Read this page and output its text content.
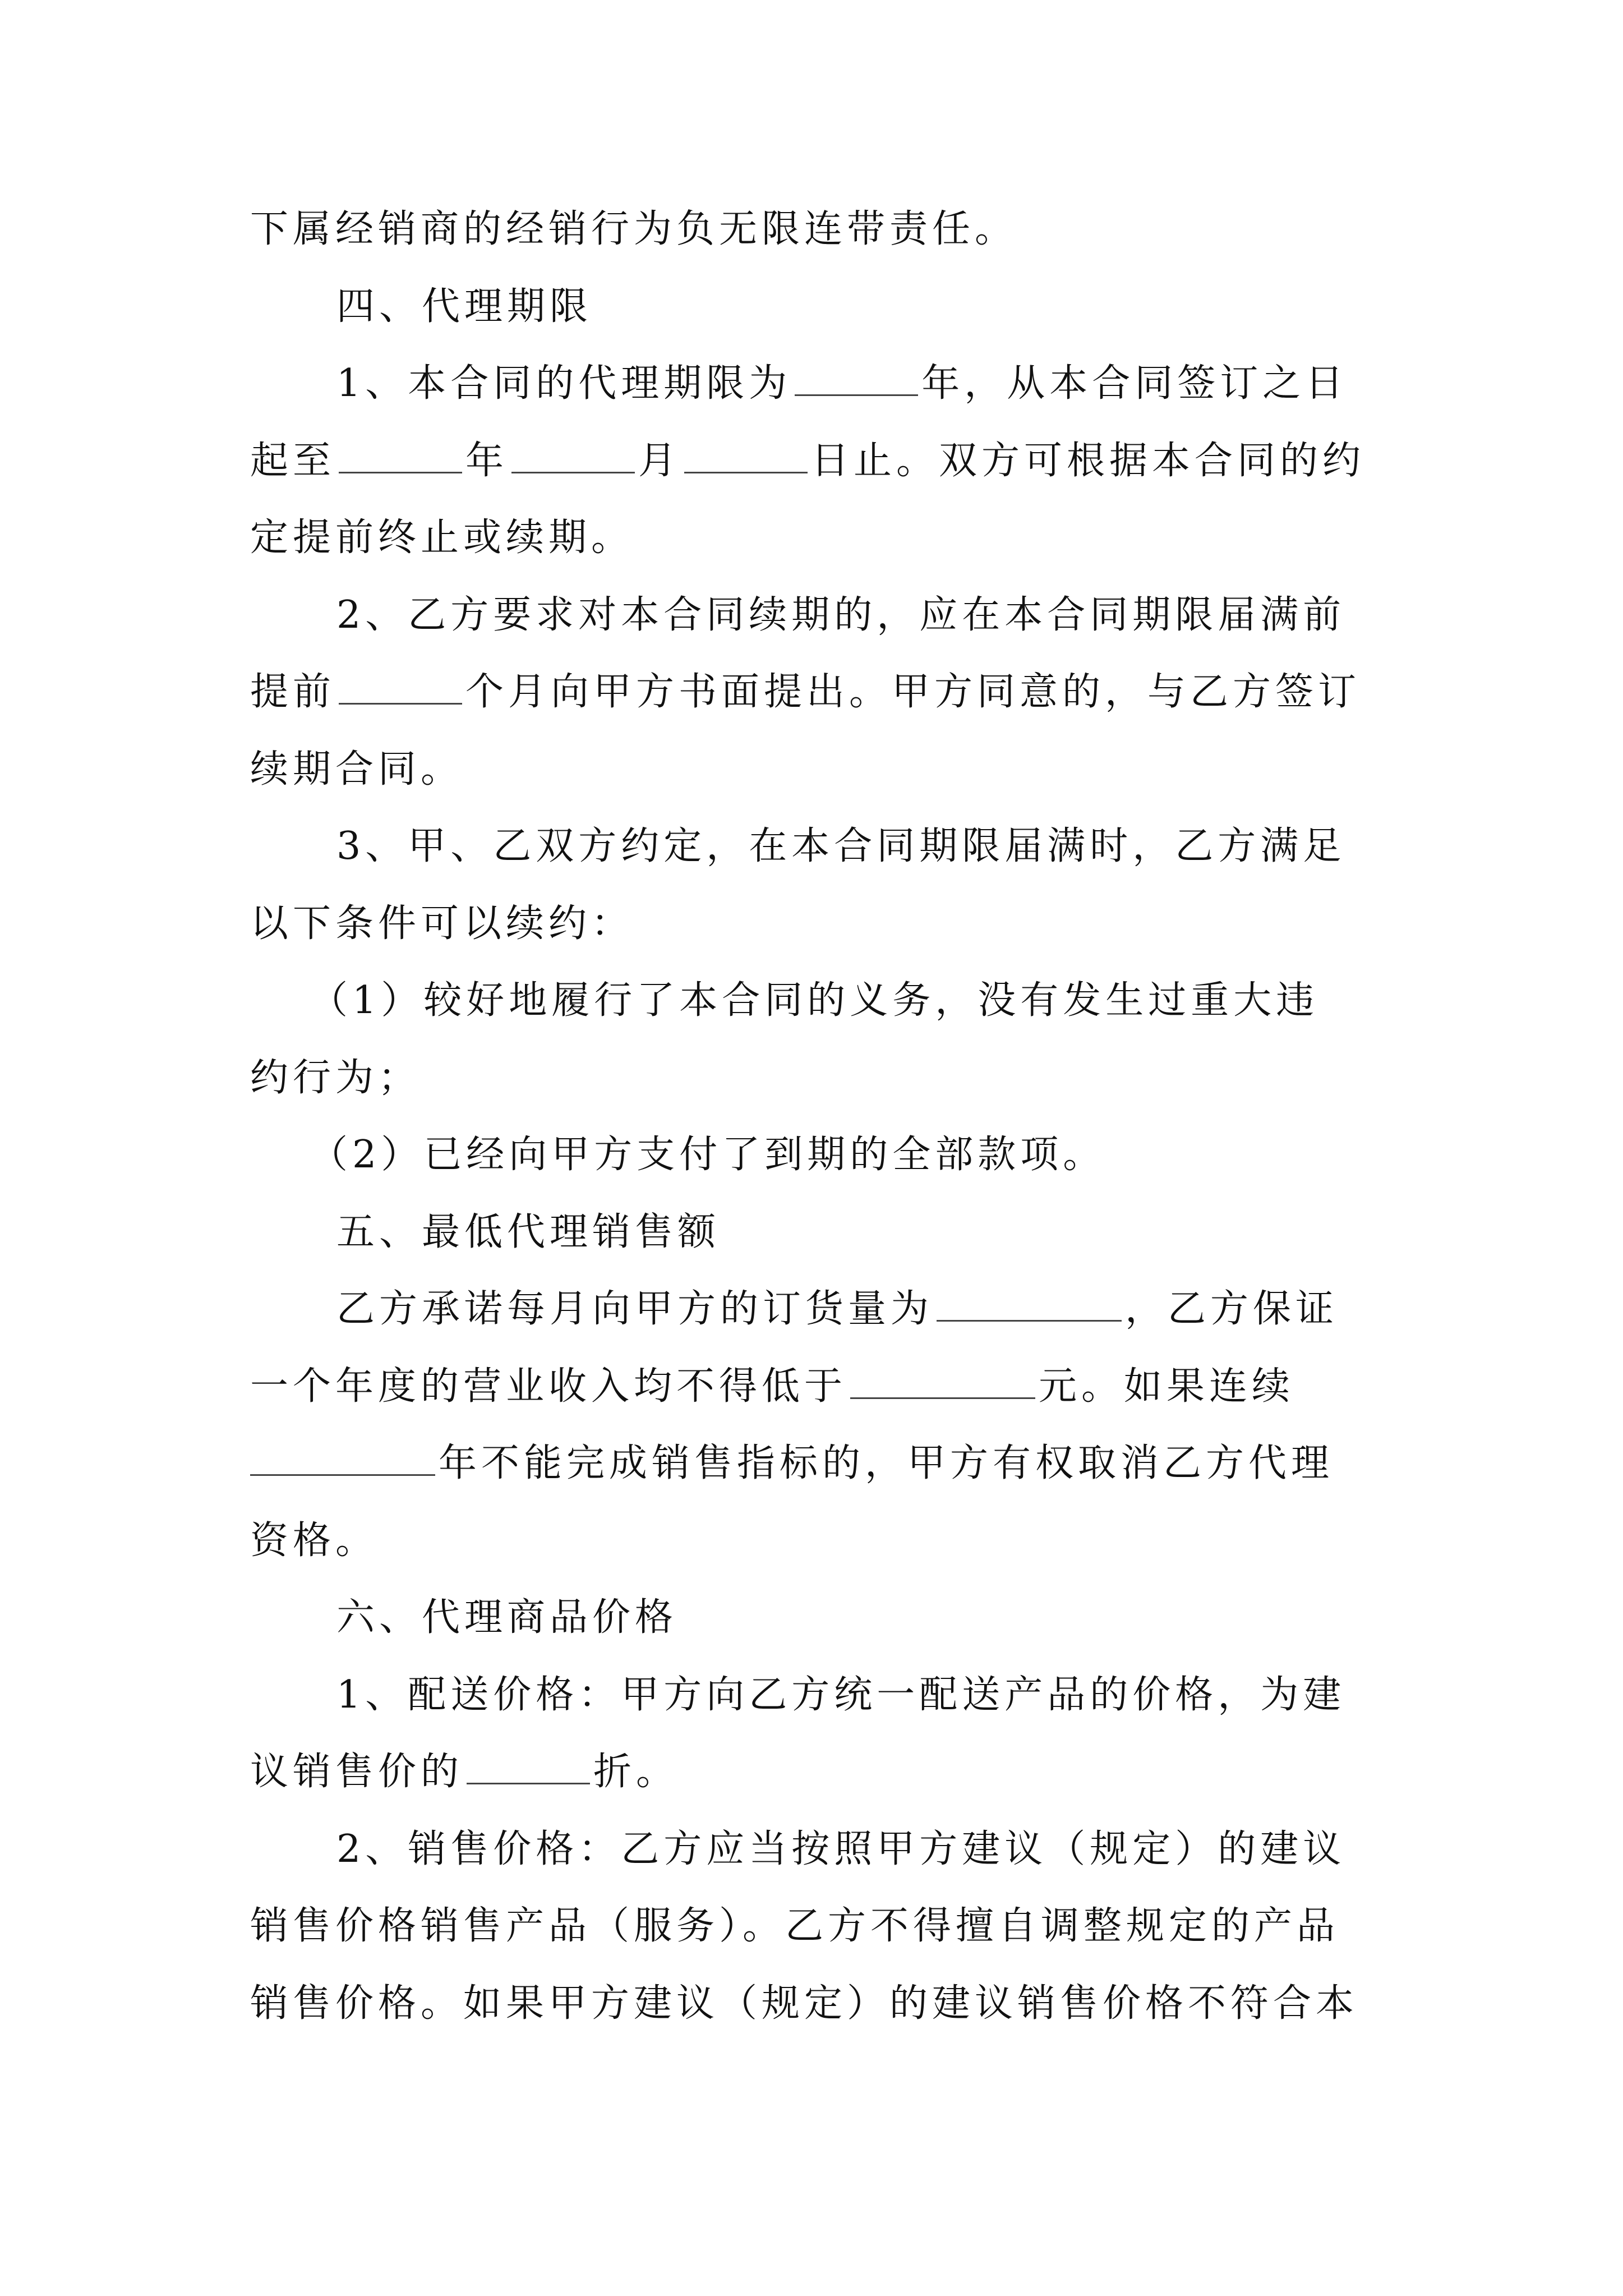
下属经销商的经销行为负无限连带责任。
四、代理期限
1、本合同的代理期限为	年，从本合同签订之日
起至	年	月	日止。双方可根据本合同的约
定提前终止或续期。
2、乙方要求对本合同续期的，应在本合同期限届满前
提前	个月向甲方书面提出。甲方同意的，与乙方签订
续期合同。
3、甲、乙双方约定，在本合同期限届满时，乙方满足
以下条件可以续约：
（1）较好地履行了本合同的义务，没有发生过重大违
约行为；
（2）已经向甲方支付了到期的全部款项。
五、最低代理销售额
乙方承诺每月向甲方的订货量为	，乙方保证
一个年度的营业收入均不得低于	元。如果连续
年不能完成销售指标的，甲方有权取消乙方代理
资格。
六、代理商品价格
1、配送价格：甲方向乙方统一配送产品的价格，为建
议销售价的	折。
2、销售价格：乙方应当按照甲方建议（规定）的建议
销售价格销售产品（服务）。乙方不得擅自调整规定的产品
销售价格。如果甲方建议（规定）的建议销售价格不符合本
